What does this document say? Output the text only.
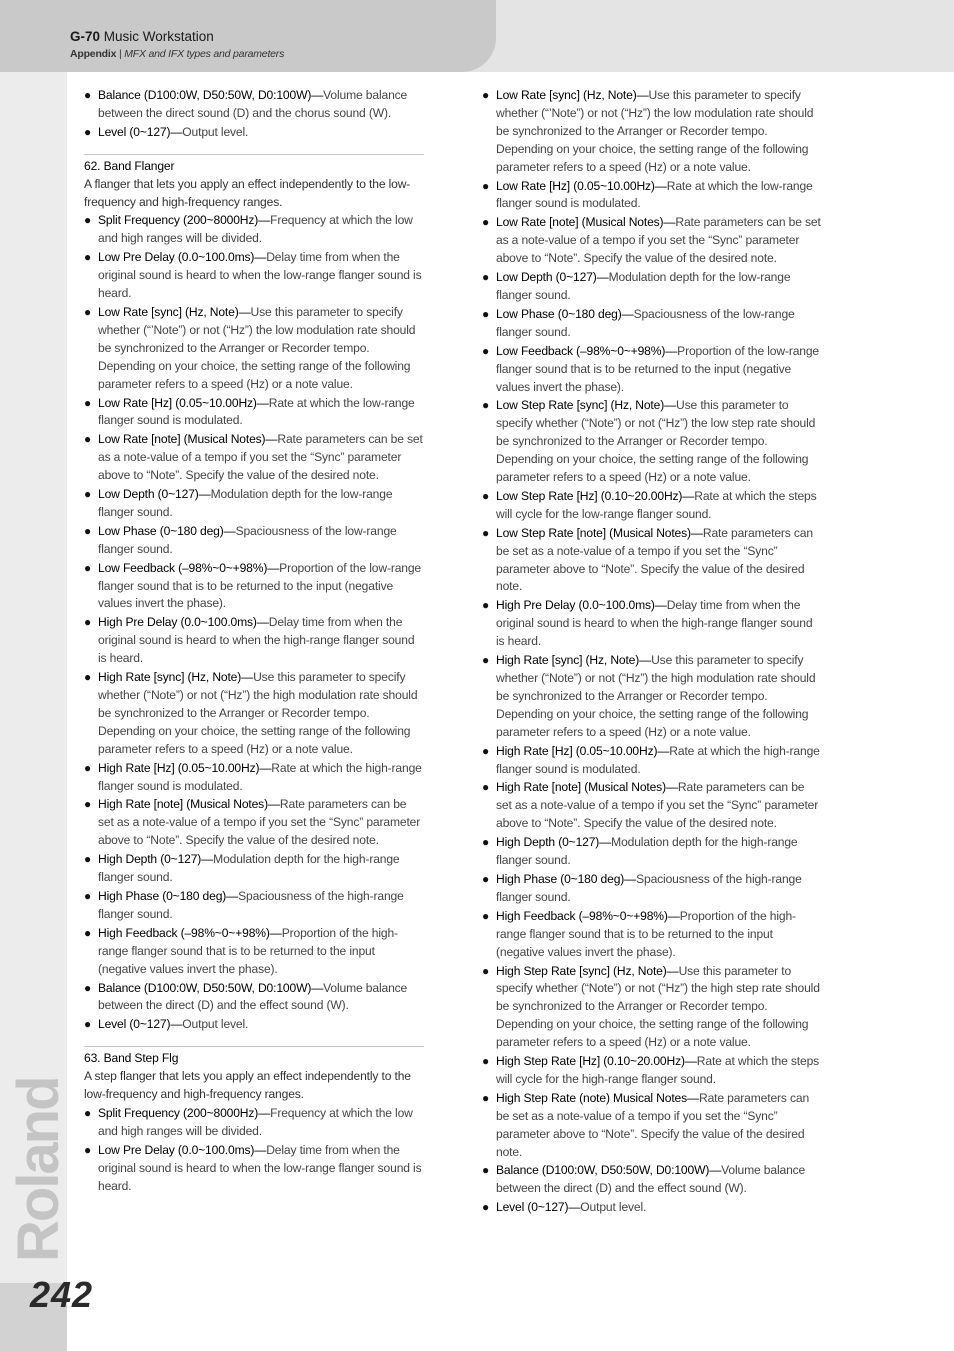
G-70 Music Workstation
Appendix | MFX and IFX types and parameters
Roland
242
● Balance (D100:0W, D50:50W, D0:100W)—Volume balance between the direct sound (D) and the chorus sound (W).
● Level (0~127)—Output level.
62. Band Flanger
A flanger that lets you apply an effect independently to the low-frequency and high-frequency ranges.
● Split Frequency (200~8000Hz)—Frequency at which the low and high ranges will be divided.
● Low Pre Delay (0.0~100.0ms)—Delay time from when the original sound is heard to when the low-range flanger sound is heard.
● Low Rate [sync] (Hz, Note)—Use this parameter to specify whether (“’Note”) or not (“Hz”) the low modulation rate should be synchronized to the Arranger or Recorder tempo. Depending on your choice, the setting range of the following parameter refers to a speed (Hz) or a note value.
● Low Rate [Hz] (0.05~10.00Hz)—Rate at which the low-range flanger sound is modulated.
● Low Rate [note] (Musical Notes)—Rate parameters can be set as a note-value of a tempo if you set the “Sync” parameter above to “Note”. Specify the value of the desired note.
● Low Depth (0~127)—Modulation depth for the low-range flanger sound.
● Low Phase (0~180 deg)—Spaciousness of the low-range flanger sound.
● Low Feedback (–98%~0~+98%)—Proportion of the low-range flanger sound that is to be returned to the input (negative values invert the phase).
● High Pre Delay (0.0~100.0ms)—Delay time from when the original sound is heard to when the high-range flanger sound is heard.
● High Rate [sync] (Hz, Note)—Use this parameter to specify whether (“Note”) or not (“Hz”) the high modulation rate should be synchronized to the Arranger or Recorder tempo. Depending on your choice, the setting range of the following parameter refers to a speed (Hz) or a note value.
● High Rate [Hz] (0.05~10.00Hz)—Rate at which the high-range flanger sound is modulated.
● High Rate [note] (Musical Notes)—Rate parameters can be set as a note-value of a tempo if you set the “Sync” parameter above to “Note”. Specify the value of the desired note.
● High Depth (0~127)—Modulation depth for the high-range flanger sound.
● High Phase (0~180 deg)—Spaciousness of the high-range flanger sound.
● High Feedback (–98%~0~+98%)—Proportion of the high-range flanger sound that is to be returned to the input (negative values invert the phase).
● Balance (D100:0W, D50:50W, D0:100W)—Volume balance between the direct (D) and the effect sound (W).
● Level (0~127)—Output level.
63. Band Step Flg
A step flanger that lets you apply an effect independently to the low-frequency and high-frequency ranges.
● Split Frequency (200~8000Hz)—Frequency at which the low and high ranges will be divided.
● Low Pre Delay (0.0~100.0ms)—Delay time from when the original sound is heard to when the low-range flanger sound is heard.
● Low Rate [sync] (Hz, Note)—Use this parameter to specify whether (“’Note”) or not (“Hz”) the low modulation rate should be synchronized to the Arranger or Recorder tempo. Depending on your choice, the setting range of the following parameter refers to a speed (Hz) or a note value.
● Low Rate [Hz] (0.05~10.00Hz)—Rate at which the low-range flanger sound is modulated.
● Low Rate [note] (Musical Notes)—Rate parameters can be set as a note-value of a tempo if you set the “Sync” parameter above to “Note”. Specify the value of the desired note.
● Low Depth (0~127)—Modulation depth for the low-range flanger sound.
● Low Phase (0~180 deg)—Spaciousness of the low-range flanger sound.
● Low Feedback (–98%~0~+98%)—Proportion of the low-range flanger sound that is to be returned to the input (negative values invert the phase).
● Low Step Rate [sync] (Hz, Note)—Use this parameter to specify whether (“Note”) or not (“Hz”) the low step rate should be synchronized to the Arranger or Recorder tempo. Depending on your choice, the setting range of the following parameter refers to a speed (Hz) or a note value.
● Low Step Rate [Hz] (0.10~20.00Hz)—Rate at which the steps will cycle for the low-range flanger sound.
● Low Step Rate [note] (Musical Notes)—Rate parameters can be set as a note-value of a tempo if you set the “Sync” parameter above to “Note”. Specify the value of the desired note.
● High Pre Delay (0.0~100.0ms)—Delay time from when the original sound is heard to when the high-range flanger sound is heard.
● High Rate [sync] (Hz, Note)—Use this parameter to specify whether (“Note”) or not (“Hz”) the high modulation rate should be synchronized to the Arranger or Recorder tempo. Depending on your choice, the setting range of the following parameter refers to a speed (Hz) or a note value.
● High Rate [Hz] (0.05~10.00Hz)—Rate at which the high-range flanger sound is modulated.
● High Rate [note] (Musical Notes)—Rate parameters can be set as a note-value of a tempo if you set the “Sync” parameter above to “Note”. Specify the value of the desired note.
● High Depth (0~127)—Modulation depth for the high-range flanger sound.
● High Phase (0~180 deg)—Spaciousness of the high-range flanger sound.
● High Feedback (–98%~0~+98%)—Proportion of the high-range flanger sound that is to be returned to the input (negative values invert the phase).
● High Step Rate [sync] (Hz, Note)—Use this parameter to specify whether (“Note”) or not (“Hz”) the high step rate should be synchronized to the Arranger or Recorder tempo. Depending on your choice, the setting range of the following parameter refers to a speed (Hz) or a note value.
● High Step Rate [Hz] (0.10~20.00Hz)—Rate at which the steps will cycle for the high-range flanger sound.
● High Step Rate (note) Musical Notes—Rate parameters can be set as a note-value of a tempo if you set the “Sync” parameter above to “Note”. Specify the value of the desired note.
● Balance (D100:0W, D50:50W, D0:100W)—Volume balance between the direct (D) and the effect sound (W).
● Level (0~127)—Output level.
